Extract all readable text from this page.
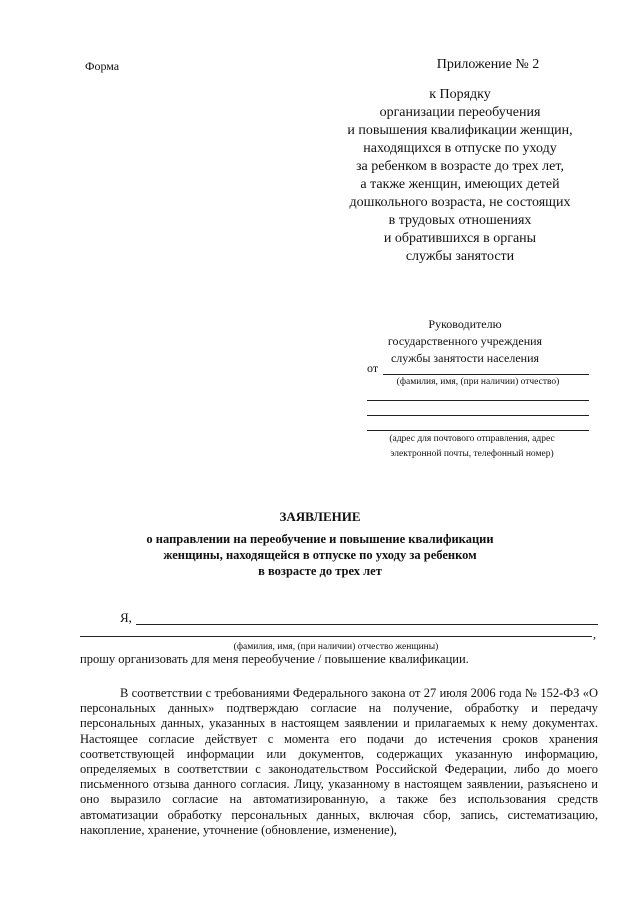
Форма	Приложение № 2
к Порядку
организации переобучения
и повышения квалификации женщин,
находящихся в отпуске по уходу
за ребенком в возрасте до трех лет,
а также женщин, имеющих детей
дошкольного возраста, не состоящих
в трудовых отношениях
и обратившихся в органы
службы занятости
Руководителю
государственного учреждения
службы занятости населения
от
(фамилия, имя, (при наличии) отчество)
(адрес для почтового отправления, адрес
электронной почты, телефонный номер)
ЗАЯВЛЕНИЕ
о направлении на переобучение и повышение квалификации
женщины, находящейся в отпуске по уходу за ребенком
в возрасте до трех лет
Я,
,
(фамилия, имя, (при наличии) отчество женщины)
прошу организовать для меня переобучение / повышение квалификации.
В соответствии с требованиями Федерального закона от 27 июля 2006 года № 152-ФЗ «О персональных данных» подтверждаю согласие на получение, обработку и передачу персональных данных, указанных в настоящем заявлении и прилагаемых к нему документах. Настоящее согласие действует с момента его подачи до истечения сроков хранения соответствующей информации или документов, содержащих указанную информацию, определяемых в соответствии с законодательством Российской Федерации, либо до моего письменного отзыва данного согласия. Лицу, указанному в настоящем заявлении, разъяснено и оно выразило согласие на автоматизированную, а также без использования средств автоматизации обработку персональных данных, включая сбор, запись, систематизацию, накопление, хранение, уточнение (обновление, изменение),
